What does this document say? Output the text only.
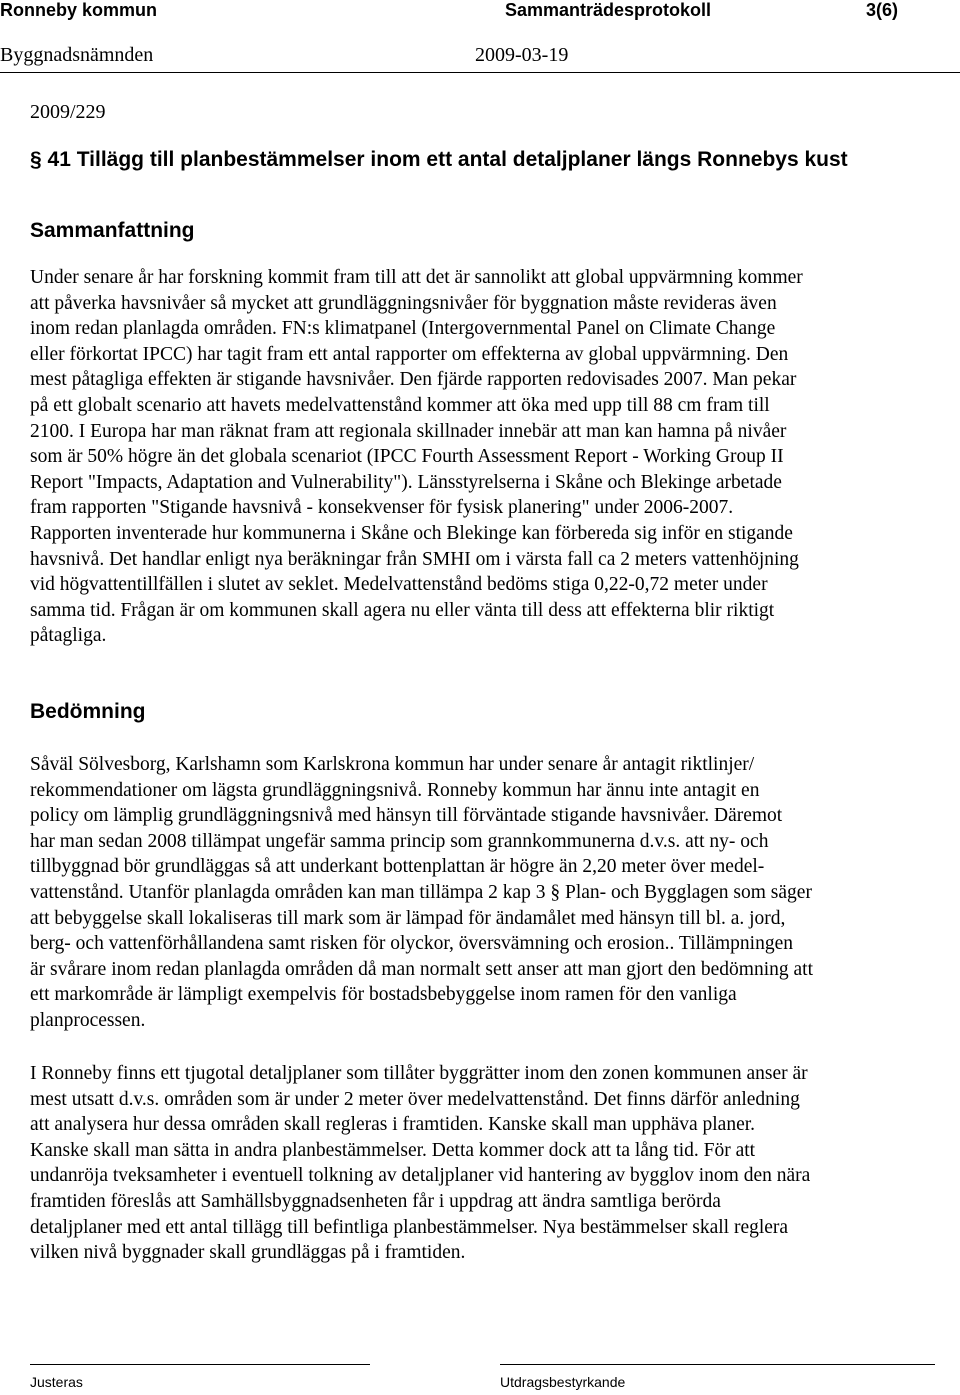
Ronneby kommun	Sammanträdesprotokoll	3(6)
Byggnadsnämnden	2009-03-19
2009/229
§ 41 Tillägg till planbestämmelser inom ett antal detaljplaner längs Ronnebys kust
Sammanfattning
Under senare år har forskning kommit fram till att det är sannolikt att global uppvärmning kommer
att påverka havsnivåer så mycket att grundläggningsnivåer för byggnation måste revideras även
inom redan planlagda områden. FN:s klimatpanel (Intergovernmental Panel on Climate Change
eller förkortat IPCC) har tagit fram ett antal rapporter om effekterna av global uppvärmning. Den
mest påtagliga effekten är stigande havsnivåer. Den fjärde rapporten redovisades 2007. Man pekar
på ett globalt scenario att havets medelvattenstånd kommer att öka med upp till 88 cm fram till
2100. I Europa har man räknat fram att regionala skillnader innebär att man kan hamna på nivåer
som är 50% högre än det globala scenariot (IPCC Fourth Assessment Report - Working Group II
Report "Impacts, Adaptation and Vulnerability"). Länsstyrelserna i Skåne och Blekinge arbetade
fram rapporten "Stigande havsnivå - konsekvenser för fysisk planering" under 2006-2007.
Rapporten inventerade hur kommunerna i Skåne och Blekinge kan förbereda sig inför en stigande
havsnivå. Det handlar enligt nya beräkningar från SMHI om i värsta fall ca 2 meters vattenhöjning
vid högvattentillfällen i slutet av seklet. Medelvattenstånd bedöms stiga 0,22-0,72 meter under
samma tid. Frågan är om kommunen skall agera nu eller vänta till dess att effekterna blir riktigt
påtagliga.
Bedömning
Såväl Sölvesborg, Karlshamn som Karlskrona kommun har under senare år antagit riktlinjer/
rekommendationer om lägsta grundläggningsnivå. Ronneby kommun har ännu inte antagit en
policy om lämplig grundläggningsnivå med hänsyn till förväntade stigande havsnivåer. Däremot
har man sedan 2008 tillämpat ungefär samma princip som grannkommunerna d.v.s. att ny- och
tillbyggnad bör grundläggas så att underkant bottenplattan är högre än 2,20 meter över medel-
vattenstånd. Utanför planlagda områden kan man tillämpa 2 kap 3 § Plan- och Bygglagen som säger
att bebyggelse skall lokaliseras till mark som är lämpad för ändamålet med hänsyn till bl. a. jord,
berg- och vattenförhållandena samt risken för olyckor, översvämning och erosion.. Tillämpningen
är svårare inom redan planlagda områden då man normalt sett anser att man gjort den bedömning att
ett markområde är lämpligt exempelvis för bostadsbebyggelse inom ramen för den vanliga
planprocessen.
I Ronneby finns ett tjugotal detaljplaner som tillåter byggrätter inom den zonen kommunen anser är
mest utsatt d.v.s. områden som är under 2 meter över medelvattenstånd. Det finns därför anledning
att analysera hur dessa områden skall regleras i framtiden. Kanske skall man upphäva planer.
Kanske skall man sätta in andra planbestämmelser. Detta kommer dock att ta lång tid. För att
undanröja tveksamheter i eventuell tolkning av detaljplaner vid hantering av bygglov inom den nära
framtiden föreslås att Samhällsbyggnadsenheten får i uppdrag att ändra samtliga berörda
detaljplaner med ett antal tillägg till befintliga planbestämmelser. Nya bestämmelser skall reglera
vilken nivå byggnader skall grundläggas på i framtiden.
Justeras	Utdragsbestyrkande
